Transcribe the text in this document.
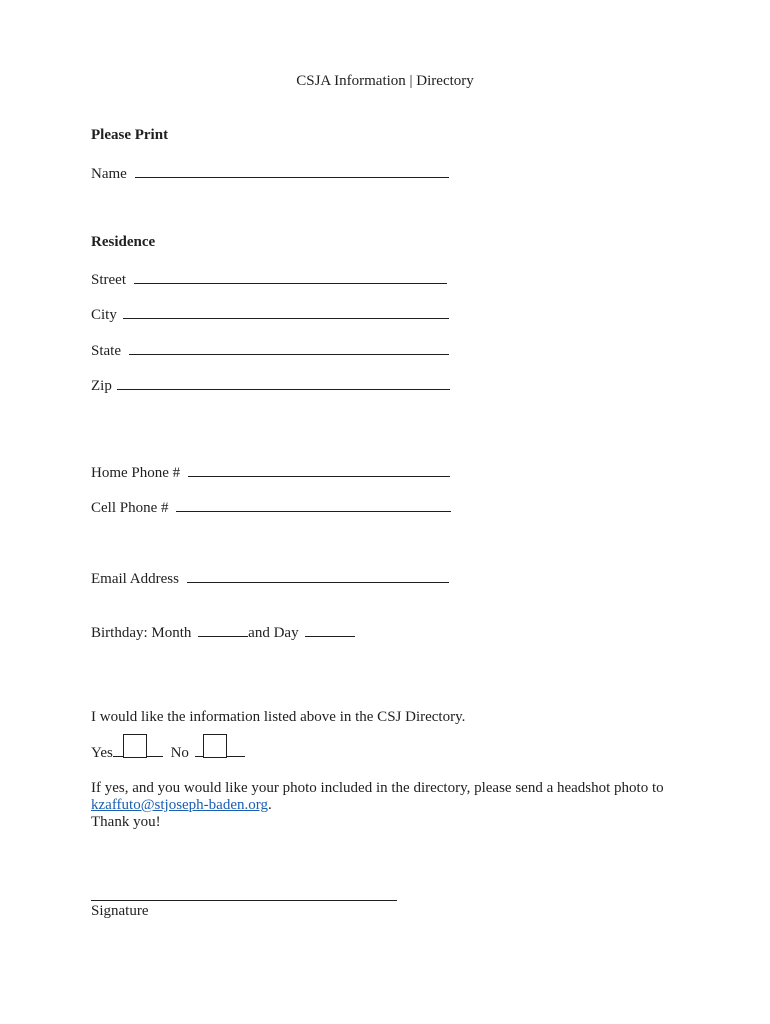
CSJA Information | Directory
Please Print
Name
Residence
Street
City
State
Zip
Home Phone #
Cell Phone #
Email Address
Birthday: Month	and Day
I would like the information listed above in the CSJ Directory.
Yes	No
If yes, and you would like your photo included in the directory, please send a headshot photo to
kzaffuto@stjoseph-baden.org.
Thank you!
Signature
